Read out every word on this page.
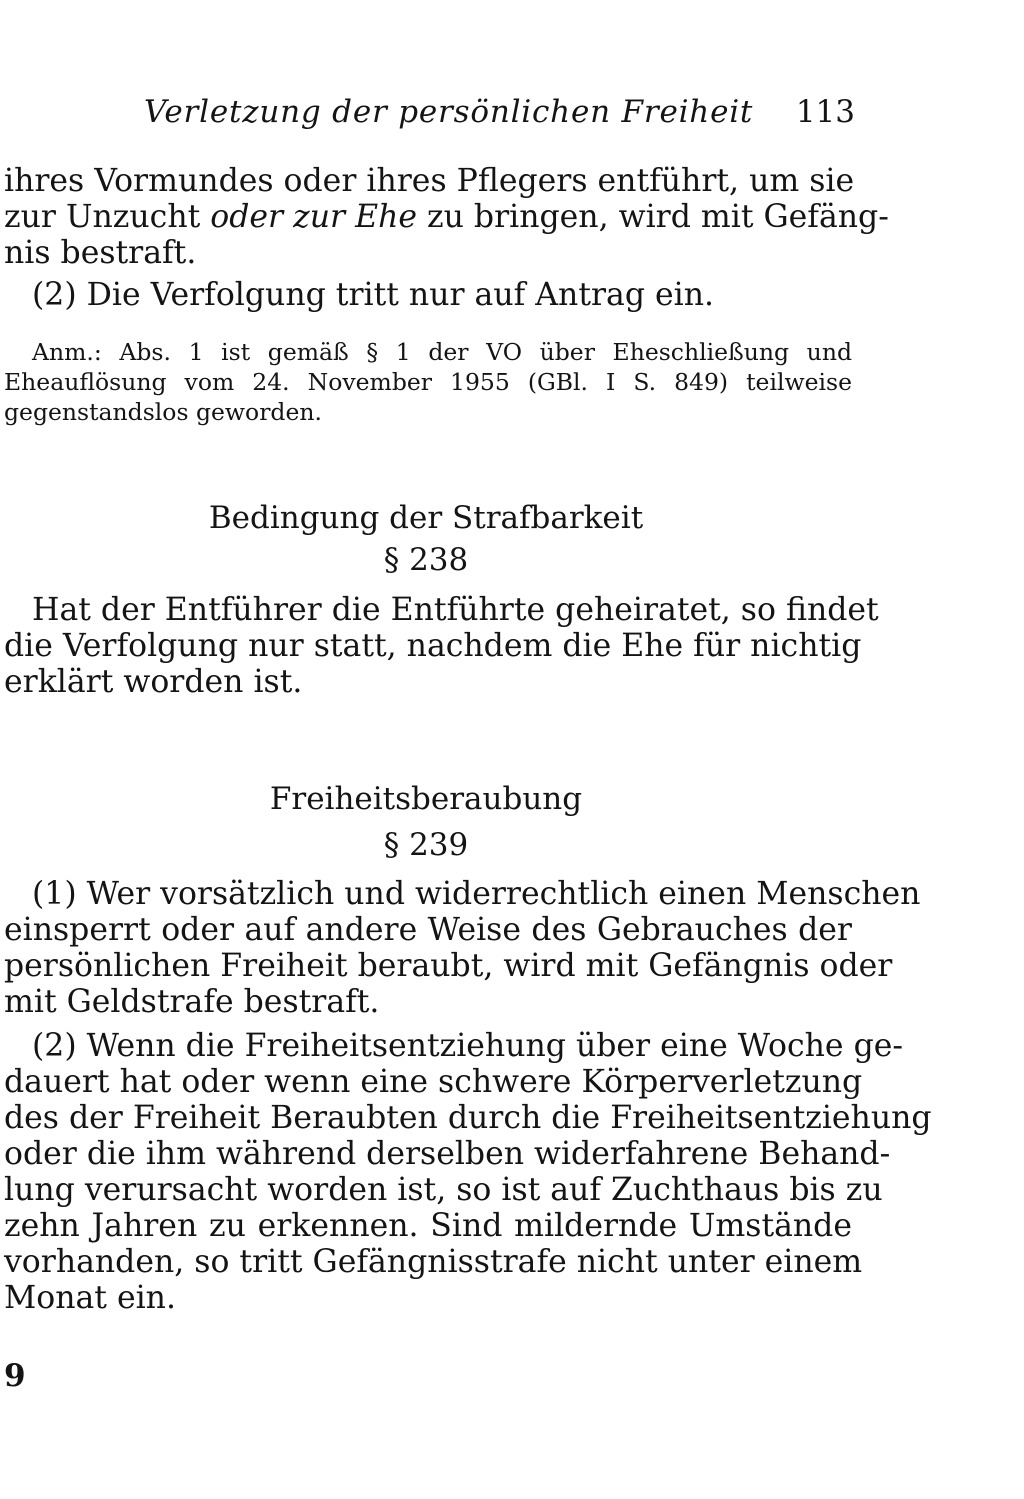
Verletzung der persönlichen Freiheit 113
ihres Vormundes oder ihres Pflegers entführt, um sie
zur Unzucht oder zur Ehe zu bringen, wird mit Gefäng-
nis bestraft.
(2) Die Verfolgung tritt nur auf Antrag ein.
Anm.: Abs. 1 ist gemäß § 1 der VO über Eheschließung und
Eheauflösung vom 24. November 1955 (GBl. I S. 849) teilweise
gegenstandslos geworden.
Bedingung der Strafbarkeit
§ 238
Hat der Entführer die Entführte geheiratet, so findet
die Verfolgung nur statt, nachdem die Ehe für nichtig
erklärt worden ist.
Freiheitsberaubung
§ 239
(1) Wer vorsätzlich und widerrechtlich einen Menschen
einsperrt oder auf andere Weise des Gebrauches der
persönlichen Freiheit beraubt, wird mit Gefängnis oder
mit Geldstrafe bestraft.
(2) Wenn die Freiheitsentziehung über eine Woche ge-
dauert hat oder wenn eine schwere Körperverletzung
des der Freiheit Beraubten durch die Freiheitsentziehung
oder die ihm während derselben widerfahrene Behand-
lung verursacht worden ist, so ist auf Zuchthaus bis zu
zehn Jahren zu erkennen. Sind mildernde Umstände
vorhanden, so tritt Gefängnisstrafe nicht unter einem
Monat ein.
9
